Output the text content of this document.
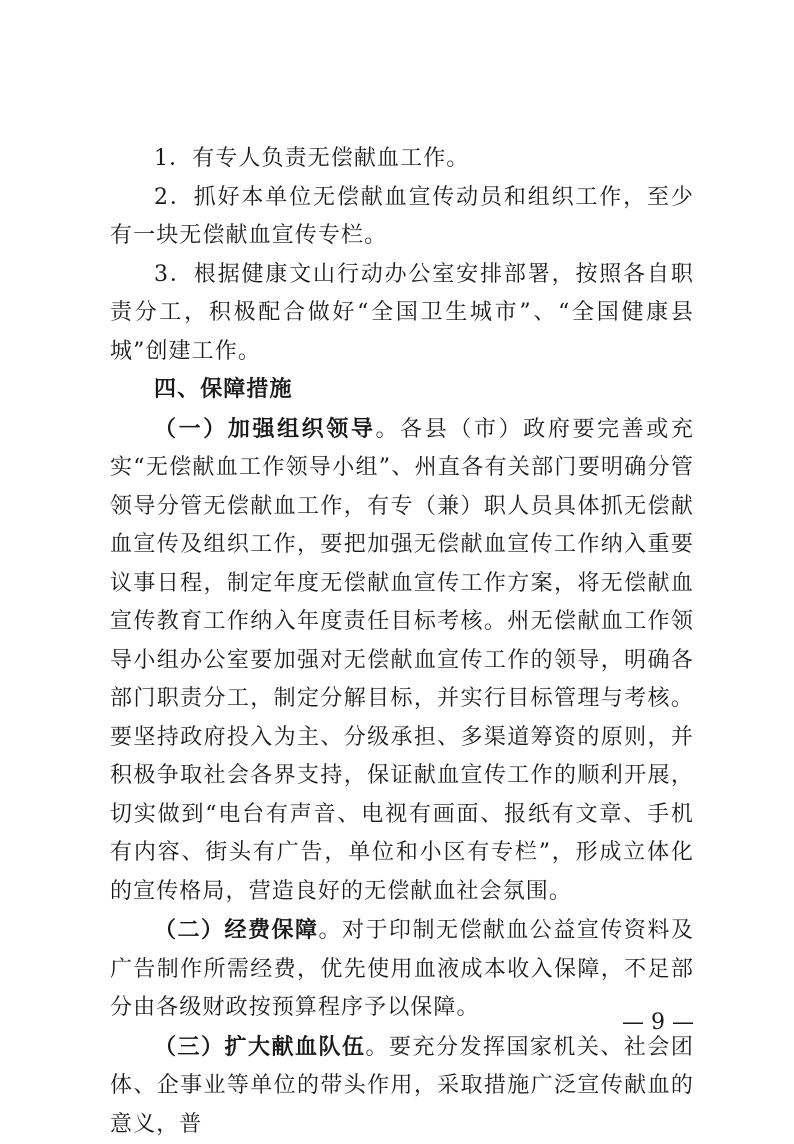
1．有专人负责无偿献血工作。

2．抓好本单位无偿献血宣传动员和组织工作，至少有一块无偿献血宣传专栏。

3．根据健康文山行动办公室安排部署，按照各自职责分工，积极配合做好“全国卫生城市”、“全国健康县城”创建工作。

四、保障措施

（一）加强组织领导。各县（市）政府要完善或充实“无偿献血工作领导小组”、州直各有关部门要明确分管领导分管无偿献血工作，有专（兼）职人员具体抓无偿献血宣传及组织工作，要把加强无偿献血宣传工作纳入重要议事日程，制定年度无偿献血宣传工作方案，将无偿献血宣传教育工作纳入年度责任目标考核。州无偿献血工作领导小组办公室要加强对无偿献血宣传工作的领导，明确各部门职责分工，制定分解目标，并实行目标管理与考核。要坚持政府投入为主、分级承担、多渠道筹资的原则，并积极争取社会各界支持，保证献血宣传工作的顺利开展，切实做到“电台有声音、电视有画面、报纸有文章、手机有内容、街头有广告，单位和小区有专栏”，形成立体化的宣传格局，营造良好的无偿献血社会氛围。

（二）经费保障。对于印制无偿献血公益宣传资料及广告制作所需经费，优先使用血液成本收入保障，不足部分由各级财政按预算程序予以保障。

（三）扩大献血队伍。要充分发挥国家机关、社会团体、企事业等单位的带头作用，采取措施广泛宣传献血的意义，普

— 9 —
